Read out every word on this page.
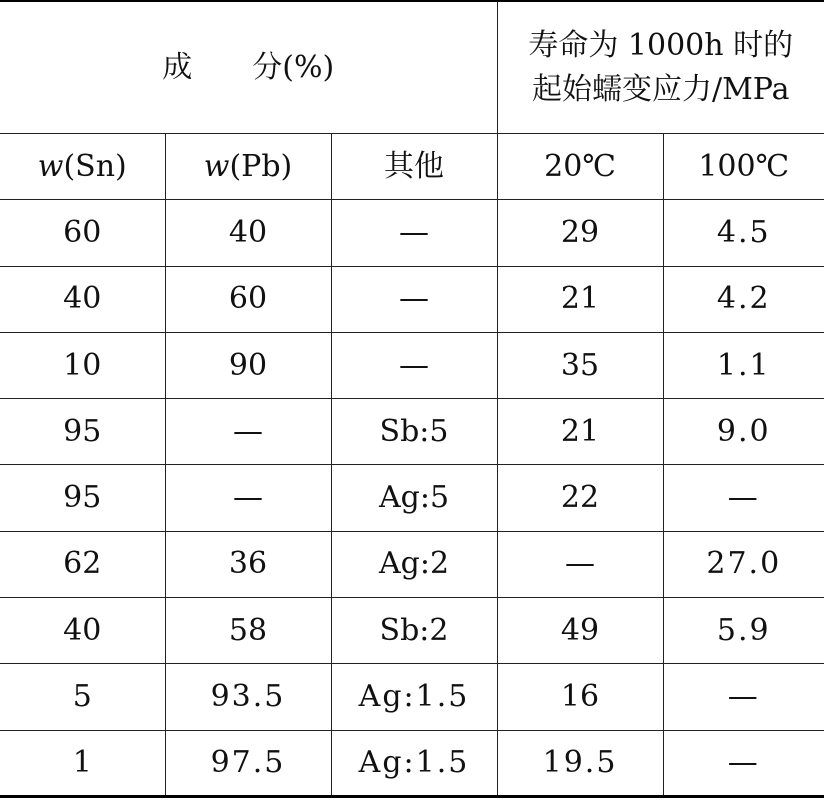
成分(%)			寿命为 1000h 时的
起始蠕变应力/MPa	

w(Sn)	w(Pb)	其他	20℃	100℃
60	40	—	29	4.5
40	60	—	21	4.2
10	90	—	35	1.1
95	—	Sb:5	21	9.0
95	—	Ag:5	22	—
62	36	Ag:2	—	27.0
40	58	Sb:2	49	5.9
5	93.5	Ag:1.5	16	—
1	97.5	Ag:1.5	19.5	—
